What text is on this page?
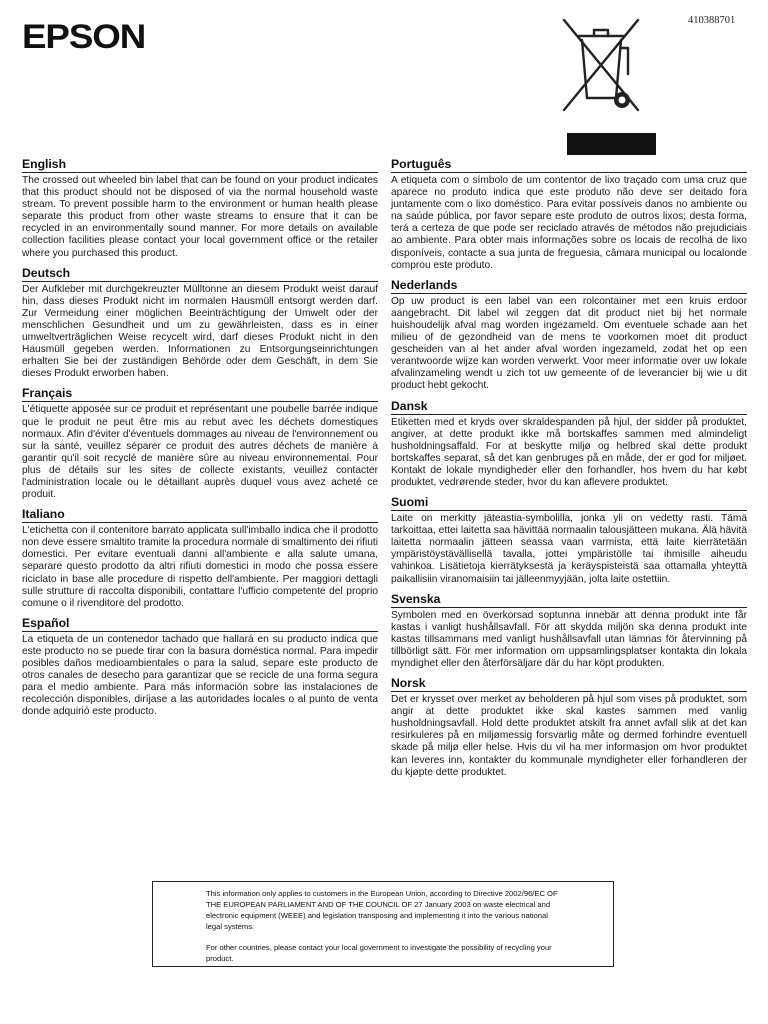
EPSON	410388701
English

The crossed out wheeled bin label that can be found on your product indicates that this product should not be disposed of via the normal household waste stream. To prevent possible harm to the environment or human health please separate this product from other waste streams to ensure that it can be recycled in an environmentally sound manner. For more details on available collection facilities please contact your local government office or the retailer where you purchased this product.

Deutsch

Der Aufkleber mit durchgekreuzter Mülltonne an diesem Produkt weist darauf hin, dass dieses Produkt nicht im normalen Hausmüll entsorgt werden darf. Zur Vermeidung einer möglichen Beeinträchtigung der Umwelt oder der menschlichen Gesundheit und um zu gewährleisten, dass es in einer umweltverträglichen Weise recycelt wird, darf dieses Produkt nicht in den Hausmüll gegeben werden. Informationen zu Entsorgungseinrichtungen erhalten Sie bei der zuständigen Behörde oder dem Geschäft, in dem Sie dieses Produkt erworben haben.

Français

L'étiquette apposée sur ce produit et représentant une poubelle barrée indique que le produit ne peut être mis au rebut avec les déchets domestiques normaux. Afin d'éviter d'éventuels dommages au niveau de l'environnement ou sur la santé, veuillez séparer ce produit des autres déchets de manière à garantir qu'il soit recyclé de manière sûre au niveau environnemental. Pour plus de détails sur les sites de collecte existants, veuillez contacter l'administration locale ou le détaillant auprès duquel vous avez acheté ce produit.

Italiano

L'etichetta con il contenitore barrato applicata sull'imballo indica che il prodotto non deve essere smaltito tramite la procedura normale di smaltimento dei rifiuti domestici. Per evitare eventuali danni all'ambiente e alla salute umana, separare questo prodotto da altri rifiuti domestici in modo che possa essere riciclato in base alle procedure di rispetto dell'ambiente. Per maggiori dettagli sulle strutture di raccolta disponibili, contattare l'ufficio competente del proprio comune o il rivenditore del prodotto.

Español

La etiqueta de un contenedor tachado que hallará en su producto indica que este producto no se puede tirar con la basura doméstica normal. Para impedir posibles daños medioambientales o para la salud, separe este producto de otros canales de desecho para garantizar que se recicle de una forma segura para el medio ambiente. Para más información sobre las instalaciones de recolección disponibles, diríjase a las autoridades locales o al punto de venta donde adquirió este producto.

Português

A etiqueta com o símbolo de um contentor de lixo traçado com uma cruz que aparece no produto indica que este produto não deve ser deitado fora juntamente com o lixo doméstico. Para evitar possíveis danos no ambiente ou na saúde pública, por favor separe este produto de outros lixos; desta forma, terá a certeza de que pode ser reciclado através de métodos não prejudiciais ao ambiente. Para obter mais informações sobre os locais de recolha de lixo disponíveis, contacte a sua junta de freguesia, câmara municipal ou localonde comprou este produto.

Nederlands

Op uw product is een label van een rolcontainer met een kruis erdoor aangebracht. Dit label wil zeggen dat dit product niet bij het normale huishoudelijk afval mag worden ingezameld. Om eventuele schade aan het milieu of de gezondheid van de mens te voorkomen moet dit product gescheiden van al het ander afval worden ingezameld, zodat het op een verantwoorde wijze kan worden verwerkt. Voor meer informatie over uw lokale afvalinzameling wendt u zich tot uw gemeente of de leverancier bij wie u dit product hebt gekocht.

Dansk

Etiketten med et kryds over skraldespanden på hjul, der sidder på produktet, angiver, at dette produkt ikke må bortskaffes sammen med almindeligt husholdningsaffald. For at beskytte miljø og helbred skal dette produkt bortskaffes separat, så det kan genbruges på en måde, der er god for miljøet. Kontakt de lokale myndigheder eller den forhandler, hos hvem du har købt produktet, vedrørende steder, hvor du kan aflevere produktet.

Suomi

Laite on merkitty jäteastia-symbolilla, jonka yli on vedetty rasti. Tämä tarkoittaa, ettei laitetta saa hävittää normaalin talousjätteen mukana. Älä hävitä laitetta normaalin jätteen seassa vaan varmista, että laite kierrätetään ympäristöystävällisellä tavalla, jottei ympäristölle tai ihmisille aiheudu vahinkoa. Lisätietoja kierrätyksestä ja keräyspisteistä saa ottamalla yhteyttä paikallisiin viranomaisiin tai jälleenmyyjään, jolta laite ostettiin.

Svenska

Symbolen med en överkorsad soptunna innebär att denna produkt inte får kastas i vanligt hushållsavfall. För att skydda miljön ska denna produkt inte kastas tillsammans med vanligt hushållsavfall utan lämnas för återvinning på tillbörligt sätt. För mer information om uppsamlingsplatser kontakta din lokala myndighet eller den återförsäljare där du har köpt produkten.

Norsk

Det er krysset over merket av beholderen på hjul som vises på produktet, som angir at dette produktet ikke skal kastes sammen med vanlig husholdningsavfall. Hold dette produktet atskilt fra annet avfall slik at det kan resirkuleres på en miljømessig forsvarlig måte og dermed forhindre eventuell skade på miljø eller helse. Hvis du vil ha mer informasjon om hvor produktet kan leveres inn, kontakter du kommunale myndigheter eller forhandleren der du kjøpte dette produktet.

This information only applies to customers in the European Union, according to Directive 2002/96/EC OF THE EUROPEAN PARLIAMENT AND OF THE COUNCIL OF 27 January 2003 on waste electrical and electronic equipment (WEEE) and legislation transposing and implementing it into the various national legal systems.

For other countries, please contact your local government to investigate the possibility of recycling your product.
